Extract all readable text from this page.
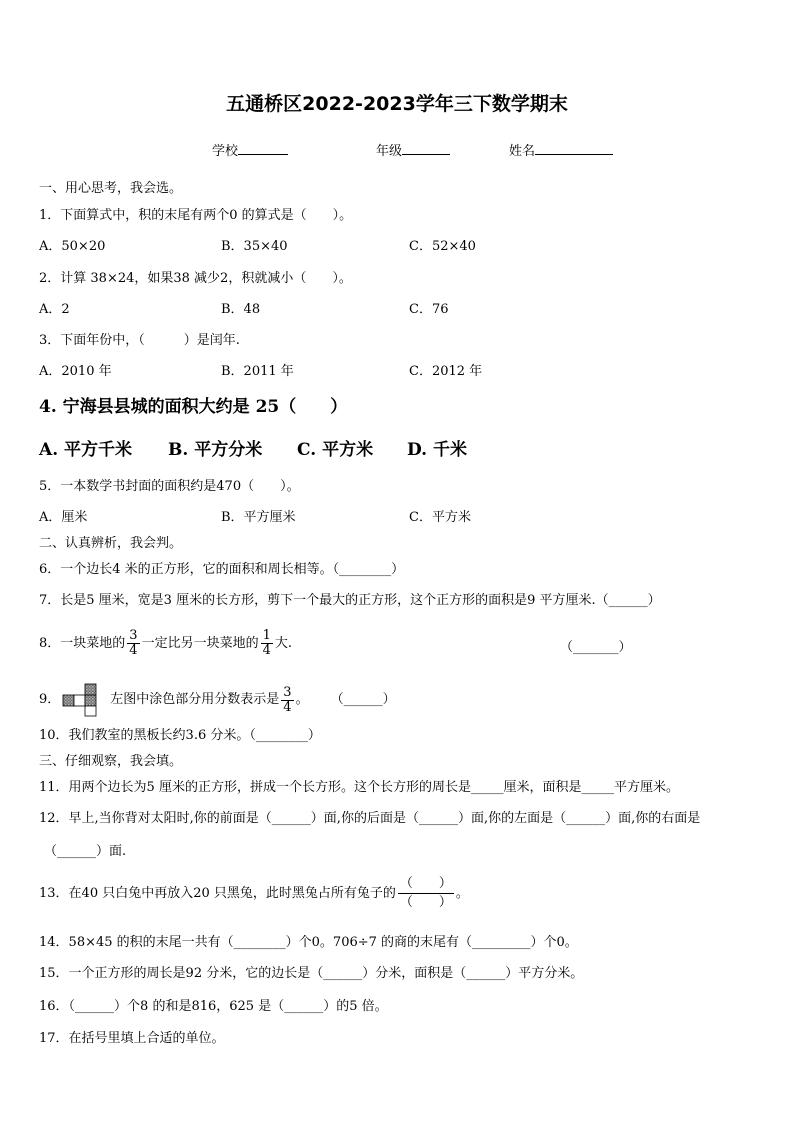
五通桥区2022-2023学年三下数学期末
学校	年级	姓名
一、用心思考，我会选。
1．下面算式中，积的末尾有两个0 的算式是（　　）。
A．50×20	B．35×40	C．52×40
2．计算 38×24，如果38 减少2，积就减小（　　）。
A．2	B．48	C．76
3．下面年份中，（　　　）是闰年.
A．2010 年	B．2011 年	C．2012 年
4. 宁海县县城的面积大约是 25（　　）
A. 平方千米 B. 平方分米 C. 平方米 D. 千米
5．一本数学书封面的面积约是470（　　）。
A．厘米	B．平方厘米	C．平方米
二、认真辨析，我会判。
6．一个边长4 米的正方形，它的面积和周长相等。（________）
7．长是5 厘米，宽是3 厘米的长方形，剪下一个最大的正方形，这个正方形的面积是9 平方厘米.（______）
8．一块菜地的 $\frac{3}{4}$ 一定比另一块菜地的 $\frac{1}{4}$ 大.	（_______）
9．	左图中涂色部分用分数表示是 $\frac{3}{4}$ 。 （______）
10．我们教室的黑板长约3.6 分米。（________）
三、仔细观察，我会填。
11．用两个边长为5 厘米的正方形，拼成一个长方形。这个长方形的周长是_____厘米，面积是_____平方厘米。
12．早上,当你背对太阳时,你的前面是（______）面,你的后面是（______）面,你的左面是（______）面,你的右面是
（______）面.
13．在40 只白兔中再放入20 只黑兔，此时黑兔占所有兔子的 $\frac{( )}{( )}$ 。
14．58×45 的积的末尾一共有（________）个0。706÷7 的商的末尾有（_________）个0。
15．一个正方形的周长是92 分米，它的边长是（______）分米，面积是（______）平方分米。
16．（______）个8 的和是816，625 是（______）的5 倍。
17．在括号里填上合适的单位。
